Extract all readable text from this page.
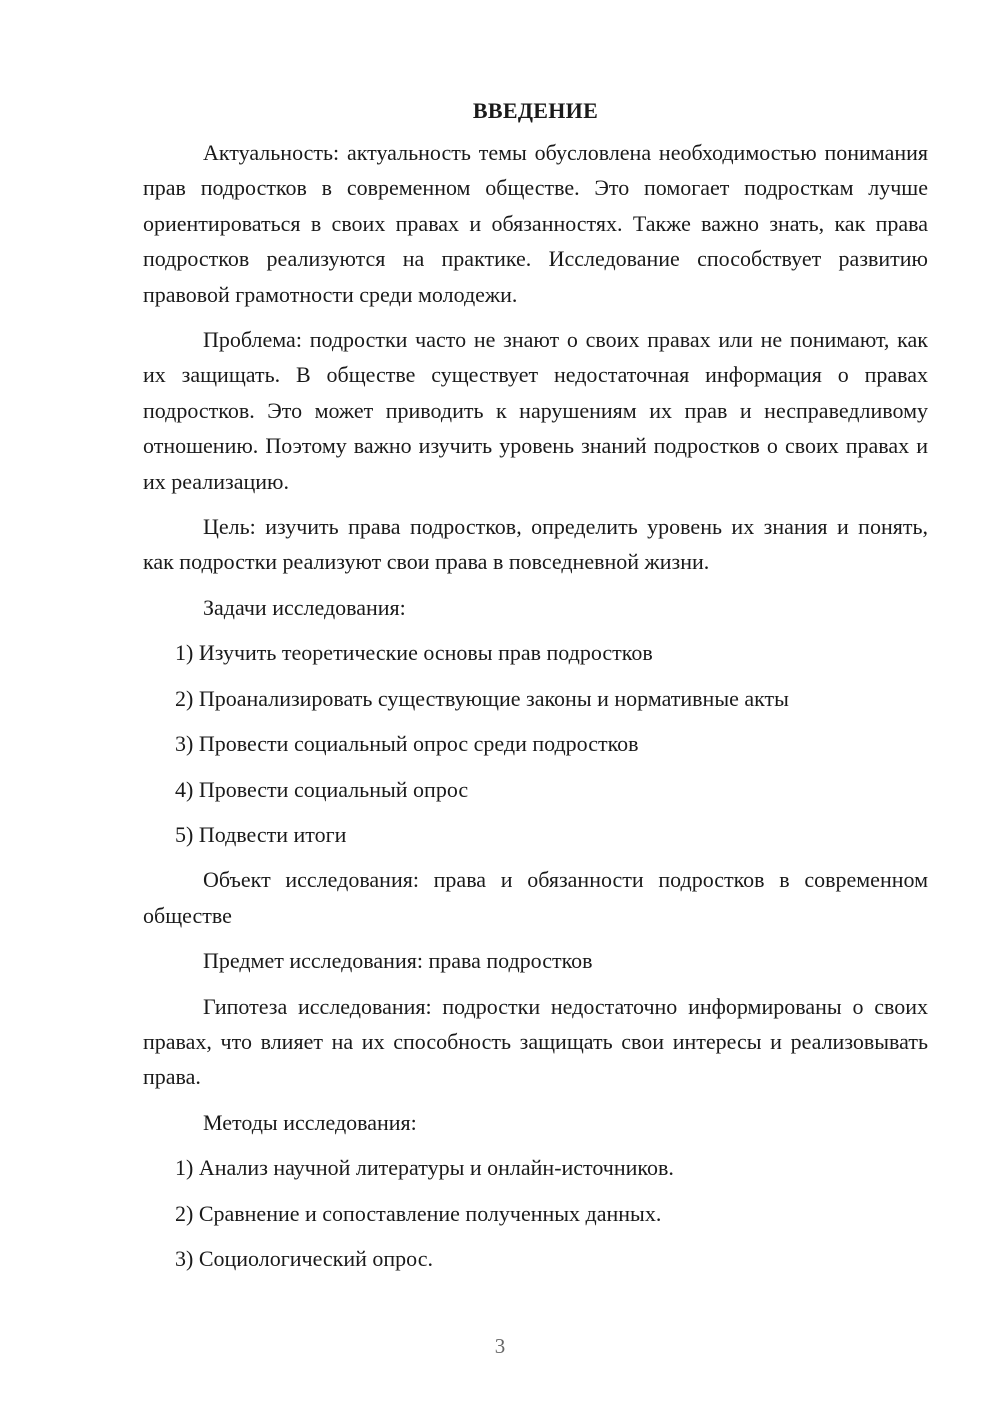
ВВЕДЕНИЕ

Актуальность: актуальность темы обусловлена необходимостью понимания прав подростков в современном обществе. Это помогает подросткам лучше ориентироваться в своих правах и обязанностях. Также важно знать, как права подростков реализуются на практике. Исследование способствует развитию правовой грамотности среди молодежи.

Проблема: подростки часто не знают о своих правах или не понимают, как их защищать. В обществе существует недостаточная информация о правах подростков. Это может приводить к нарушениям их прав и несправедливому отношению. Поэтому важно изучить уровень знаний подростков о своих правах и их реализацию.

Цель: изучить права подростков, определить уровень их знания и понять, как подростки реализуют свои права в повседневной жизни.

Задачи исследования:
1) Изучить теоретические основы прав подростков
2) Проанализировать существующие законы и нормативные акты
3) Провести социальный опрос среди подростков
4) Провести социальный опрос
5) Подвести итоги

Объект исследования: права и обязанности подростков в современном обществе

Предмет исследования: права подростков

Гипотеза исследования: подростки недостаточно информированы о своих правах, что влияет на их способность защищать свои интересы и реализовывать права.

Методы исследования:
1) Анализ научной литературы и онлайн-источников.
2) Сравнение и сопоставление полученных данных.
3) Социологический опрос.
3
